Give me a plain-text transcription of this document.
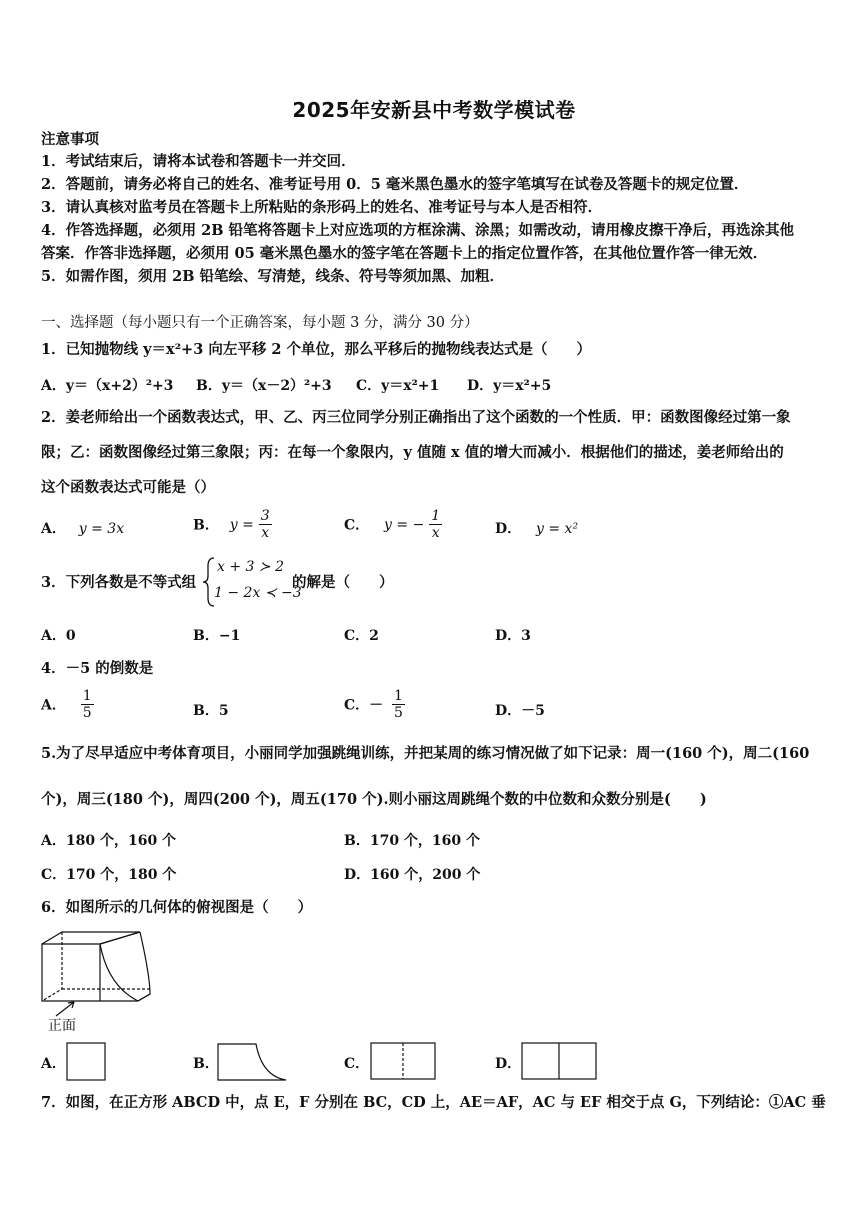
2025年安新县中考数学模试卷
注意事项
1．考试结束后，请将本试卷和答题卡一并交回．
2．答题前，请务必将自己的姓名、准考证号用 0．5 毫米黑色墨水的签字笔填写在试卷及答题卡的规定位置．
3．请认真核对监考员在答题卡上所粘贴的条形码上的姓名、准考证号与本人是否相符．
4．作答选择题，必须用 2B 铅笔将答题卡上对应选项的方框涂满、涂黑；如需改动，请用橡皮擦干净后，再选涂其他
答案．作答非选择题，必须用 05 毫米黑色墨水的签字笔在答题卡上的指定位置作答，在其他位置作答一律无效．
5．如需作图，须用 2B 铅笔绘、写清楚，线条、符号等须加黑、加粗．
一、选择题（每小题只有一个正确答案，每小题 3 分，满分 30 分）
1．已知抛物线 y＝x²+3 向左平移 2 个单位，那么平移后的抛物线表达式是（　　）
A．y＝（x+2）²+3 B．y＝（x－2）²+3 C．y＝x²+1 D．y＝x²+5
2．姜老师给出一个函数表达式，甲、乙、丙三位同学分别正确指出了这个函数的一个性质．甲：函数图像经过第一象
限；乙：函数图像经过第三象限；丙：在每一个象限内，y 值随 x 值的增大而减小．根据他们的描述，姜老师给出的
这个函数表达式可能是（）
A． y = 3x	B． $y = \frac{3}{x}$	C． y = − $\frac{1}{x}$	D． y = x²
3．下列各数是不等式组
x + 3 ≻ 2
1 − 2x ≺ −3
的解是（　　）
A．0	B．−1	C．2	D．3
4．－5 的倒数是
A． $\frac{1}{5}$	B．5	C．－ $\frac{1}{5}$	D．－5
5.为了尽早适应中考体育项目，小丽同学加强跳绳训练，并把某周的练习情况做了如下记录：周一(160 个)，周二(160
个)，周三(180 个)，周四(200 个)，周五(170 个).则小丽这周跳绳个数的中位数和众数分别是(　　)
A．180 个，160 个	B．170 个，160 个
C．170 个，180 个	D．160 个，200 个
6．如图所示的几何体的俯视图是（　　）
正面
A．	B．	C．	D．
7．如图，在正方形 ABCD 中，点 E，F 分别在 BC，CD 上，AE＝AF，AC 与 EF 相交于点 G，下列结论：①AC 垂
